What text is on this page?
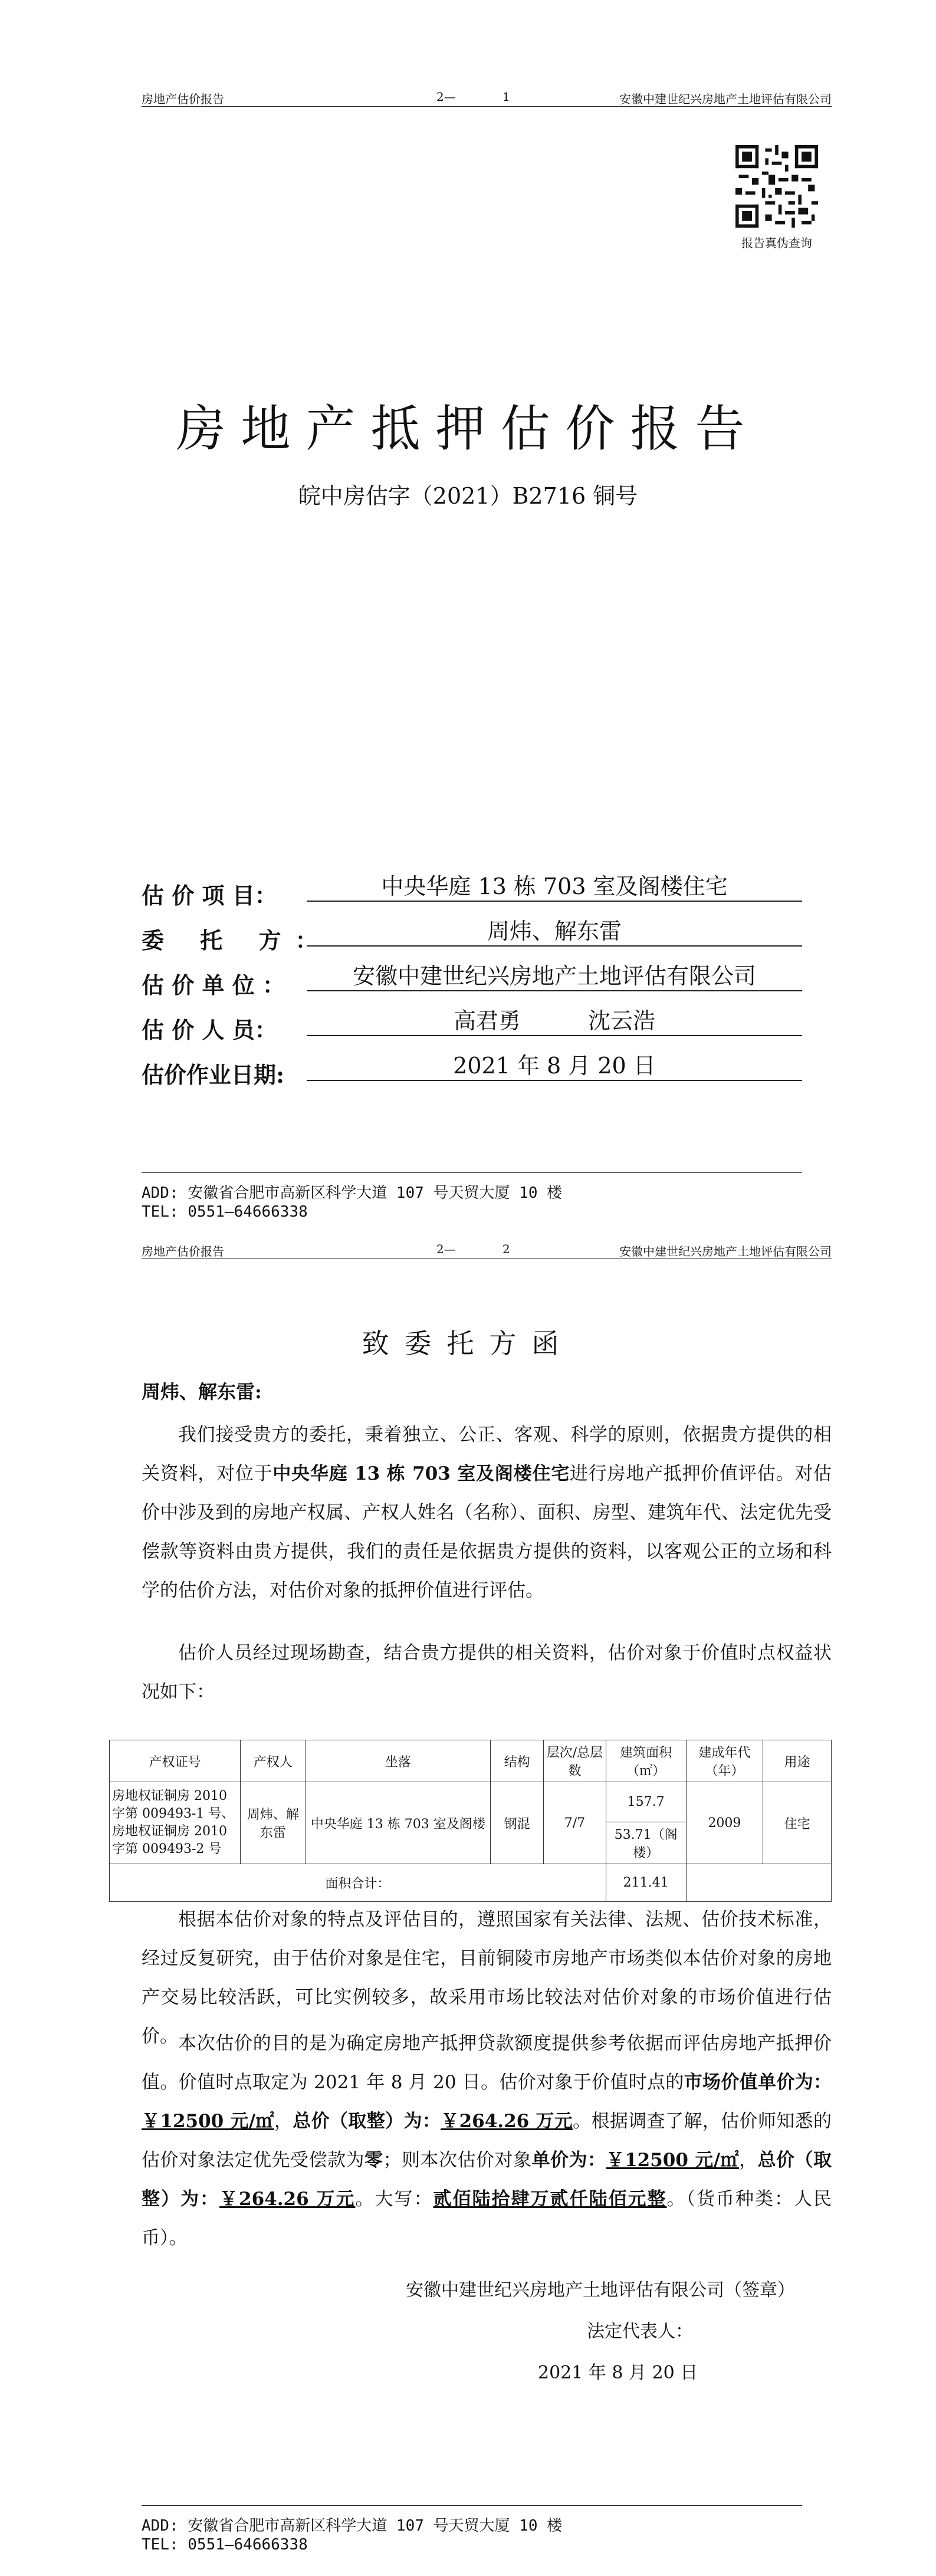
房地产估价报告	2—	1	安徽中建世纪兴房地产土地评估有限公司
报告真伪查询
房地产抵押估价报告
皖中房估字（2021）B2716 铜号
估 价 项 目：	中央华庭 13 栋 703 室及阁楼住宅
委 托 方：	周炜、解东雷
估 价 单 位 ：	安徽中建世纪兴房地产土地评估有限公司
估 价 人 员：	高君勇　　　沈云浩
估价作业日期:	2021 年 8 月 20 日
ADD: 安徽省合肥市高新区科学大道 107 号天贸大厦 10 楼
TEL: 0551—64666338
房地产估价报告	2—	2	安徽中建世纪兴房地产土地评估有限公司
致委托方函
周炜、解东雷:
我们接受贵方的委托，秉着独立、公正、客观、科学的原则，依据贵方提供的相关资料，对位于中央华庭 13 栋 703 室及阁楼住宅进行房地产抵押价值评估。对估价中涉及到的房地产权属、产权人姓名（名称）、面积、房型、建筑年代、法定优先受偿款等资料由贵方提供，我们的责任是依据贵方提供的资料，以客观公正的立场和科学的估价方法，对估价对象的抵押价值进行评估。
估价人员经过现场勘查，结合贵方提供的相关资料，估价对象于价值时点权益状况如下：
产权证号	产权人	坐落	结构	层次/总层数	建筑面积（㎡）	建成年代（年）	用途
房地权证铜房 2010 字第 009493-1 号、房地权证铜房 2010 字第 009493-2 号	周炜、解东雷	中央华庭 13 栋 703 室及阁楼	钢混	7/7	157.7	2009	住宅
					53.71（阁楼）		
面积合计：					211.41		
根据本估价对象的特点及评估目的，遵照国家有关法律、法规、估价技术标准，经过反复研究，由于估价对象是住宅，目前铜陵市房地产市场类似本估价对象的房地产交易比较活跃，可比实例较多，故采用市场比较法对估价对象的市场价值进行估价。 本次估价的目的是为确定房地产抵押贷款额度提供参考依据而评估房地产抵押价值。价值时点取定为 2021 年 8 月 20 日。估价对象于价值时点的市场价值单价为：￥12500 元/㎡，总价（取整）为：￥264.26 万元。根据调查了解，估价师知悉的估价对象法定优先受偿款为零；则本次估价对象单价为：￥12500 元/㎡，总价（取整）为：￥264.26 万元。大写：贰佰陆拾肆万贰仟陆佰元整。（货币种类：人民币）。
安徽中建世纪兴房地产土地评估有限公司（签章）
法定代表人：
2021 年 8 月 20 日
ADD: 安徽省合肥市高新区科学大道 107 号天贸大厦 10 楼
TEL: 0551—64666338
